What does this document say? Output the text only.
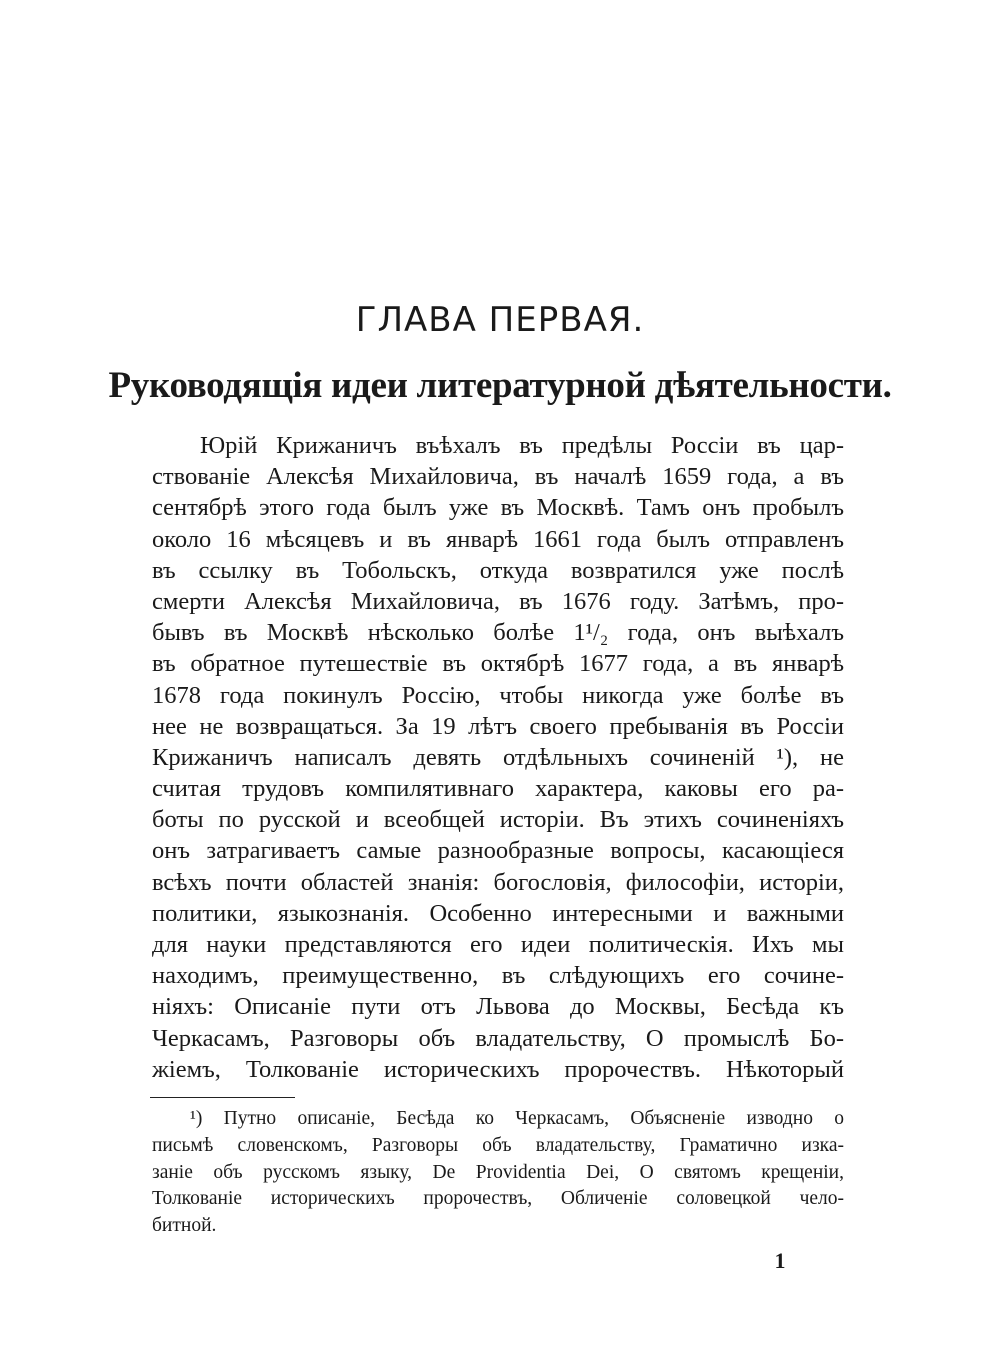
ГЛАВА ПЕРВАЯ.
Руководящія идеи литературной дѣятельности.
Юрій Крижаничъ въѣхалъ въ предѣлы Россіи въ цар-
ствованіе Алексѣя Михайловича, въ началѣ 1659 года, а въ
сентябрѣ этого года былъ уже въ Москвѣ. Тамъ онъ пробылъ
около 16 мѣсяцевъ и въ январѣ 1661 года былъ отправленъ
въ ссылку въ Тобольскъ, откуда возвратился уже послѣ
смерти Алексѣя Михайловича, въ 1676 году. Затѣмъ, про-
бывъ въ Москвѣ нѣсколько болѣе 1¹/₂ года, онъ выѣхалъ
въ обратное путешествіе въ октябрѣ 1677 года, а въ январѣ
1678 года покинулъ Россію, чтобы никогда уже болѣе въ
нее не возвращаться. За 19 лѣтъ своего пребыванія въ Россіи
Крижаничъ написалъ девять отдѣльныхъ сочиненій ¹), не
считая трудовъ компилятивнаго характера, каковы его ра-
боты по русской и всеобщей исторіи. Въ этихъ сочиненіяхъ
онъ затрагиваетъ самые разнообразные вопросы, касающіеся
всѣхъ почти областей знанія: богословія, философіи, исторіи,
политики, языкознанія. Особенно интересными и важными
для науки представляются его идеи политическія. Ихъ мы
находимъ, преимущественно, въ слѣдующихъ его сочине-
ніяхъ: Описаніе пути отъ Львова до Москвы, Бесѣда къ
Черкасамъ, Разговоры объ владательству, О промыслѣ Бо-
жіемъ, Толкованіе историческихъ пророчествъ. Нѣкоторый
¹) Путно описаніе, Бесѣда ко Черкасамъ, Объясненіе изводно о
письмѣ словенскомъ, Разговоры объ владательству, Граматично изка-
заніе объ русскомъ языку, De Providentia Dei, О святомъ крещеніи,
Толкованіе историческихъ пророчествъ, Обличеніе соловецкой чело-
битной.
1
